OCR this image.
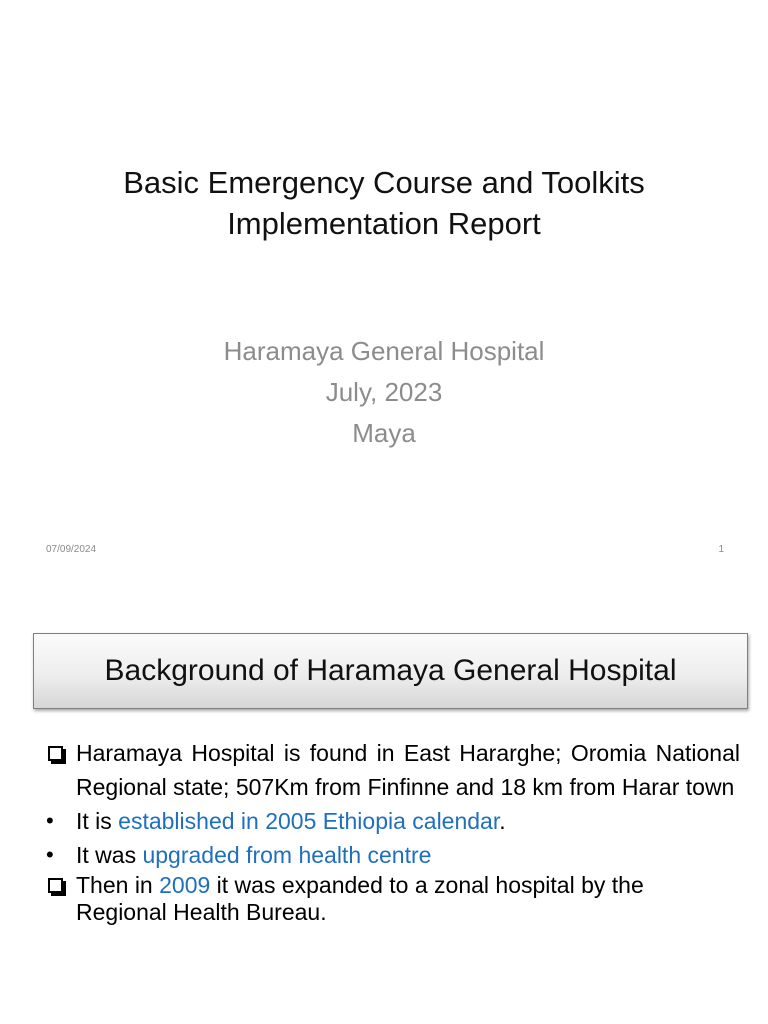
Basic Emergency Course and Toolkits
Implementation Report
Haramaya General Hospital
July, 2023
Maya
07/09/2024	1
Background of Haramaya General Hospital
Haramaya Hospital is found in East Hararghe; Oromia National Regional state; 507Km from Finfinne and 18 km from Harar town
• It is established in 2005 Ethiopia calendar.
• It was upgraded from health centre
Then in 2009 it was expanded to a zonal hospital by the Regional Health Bureau.
